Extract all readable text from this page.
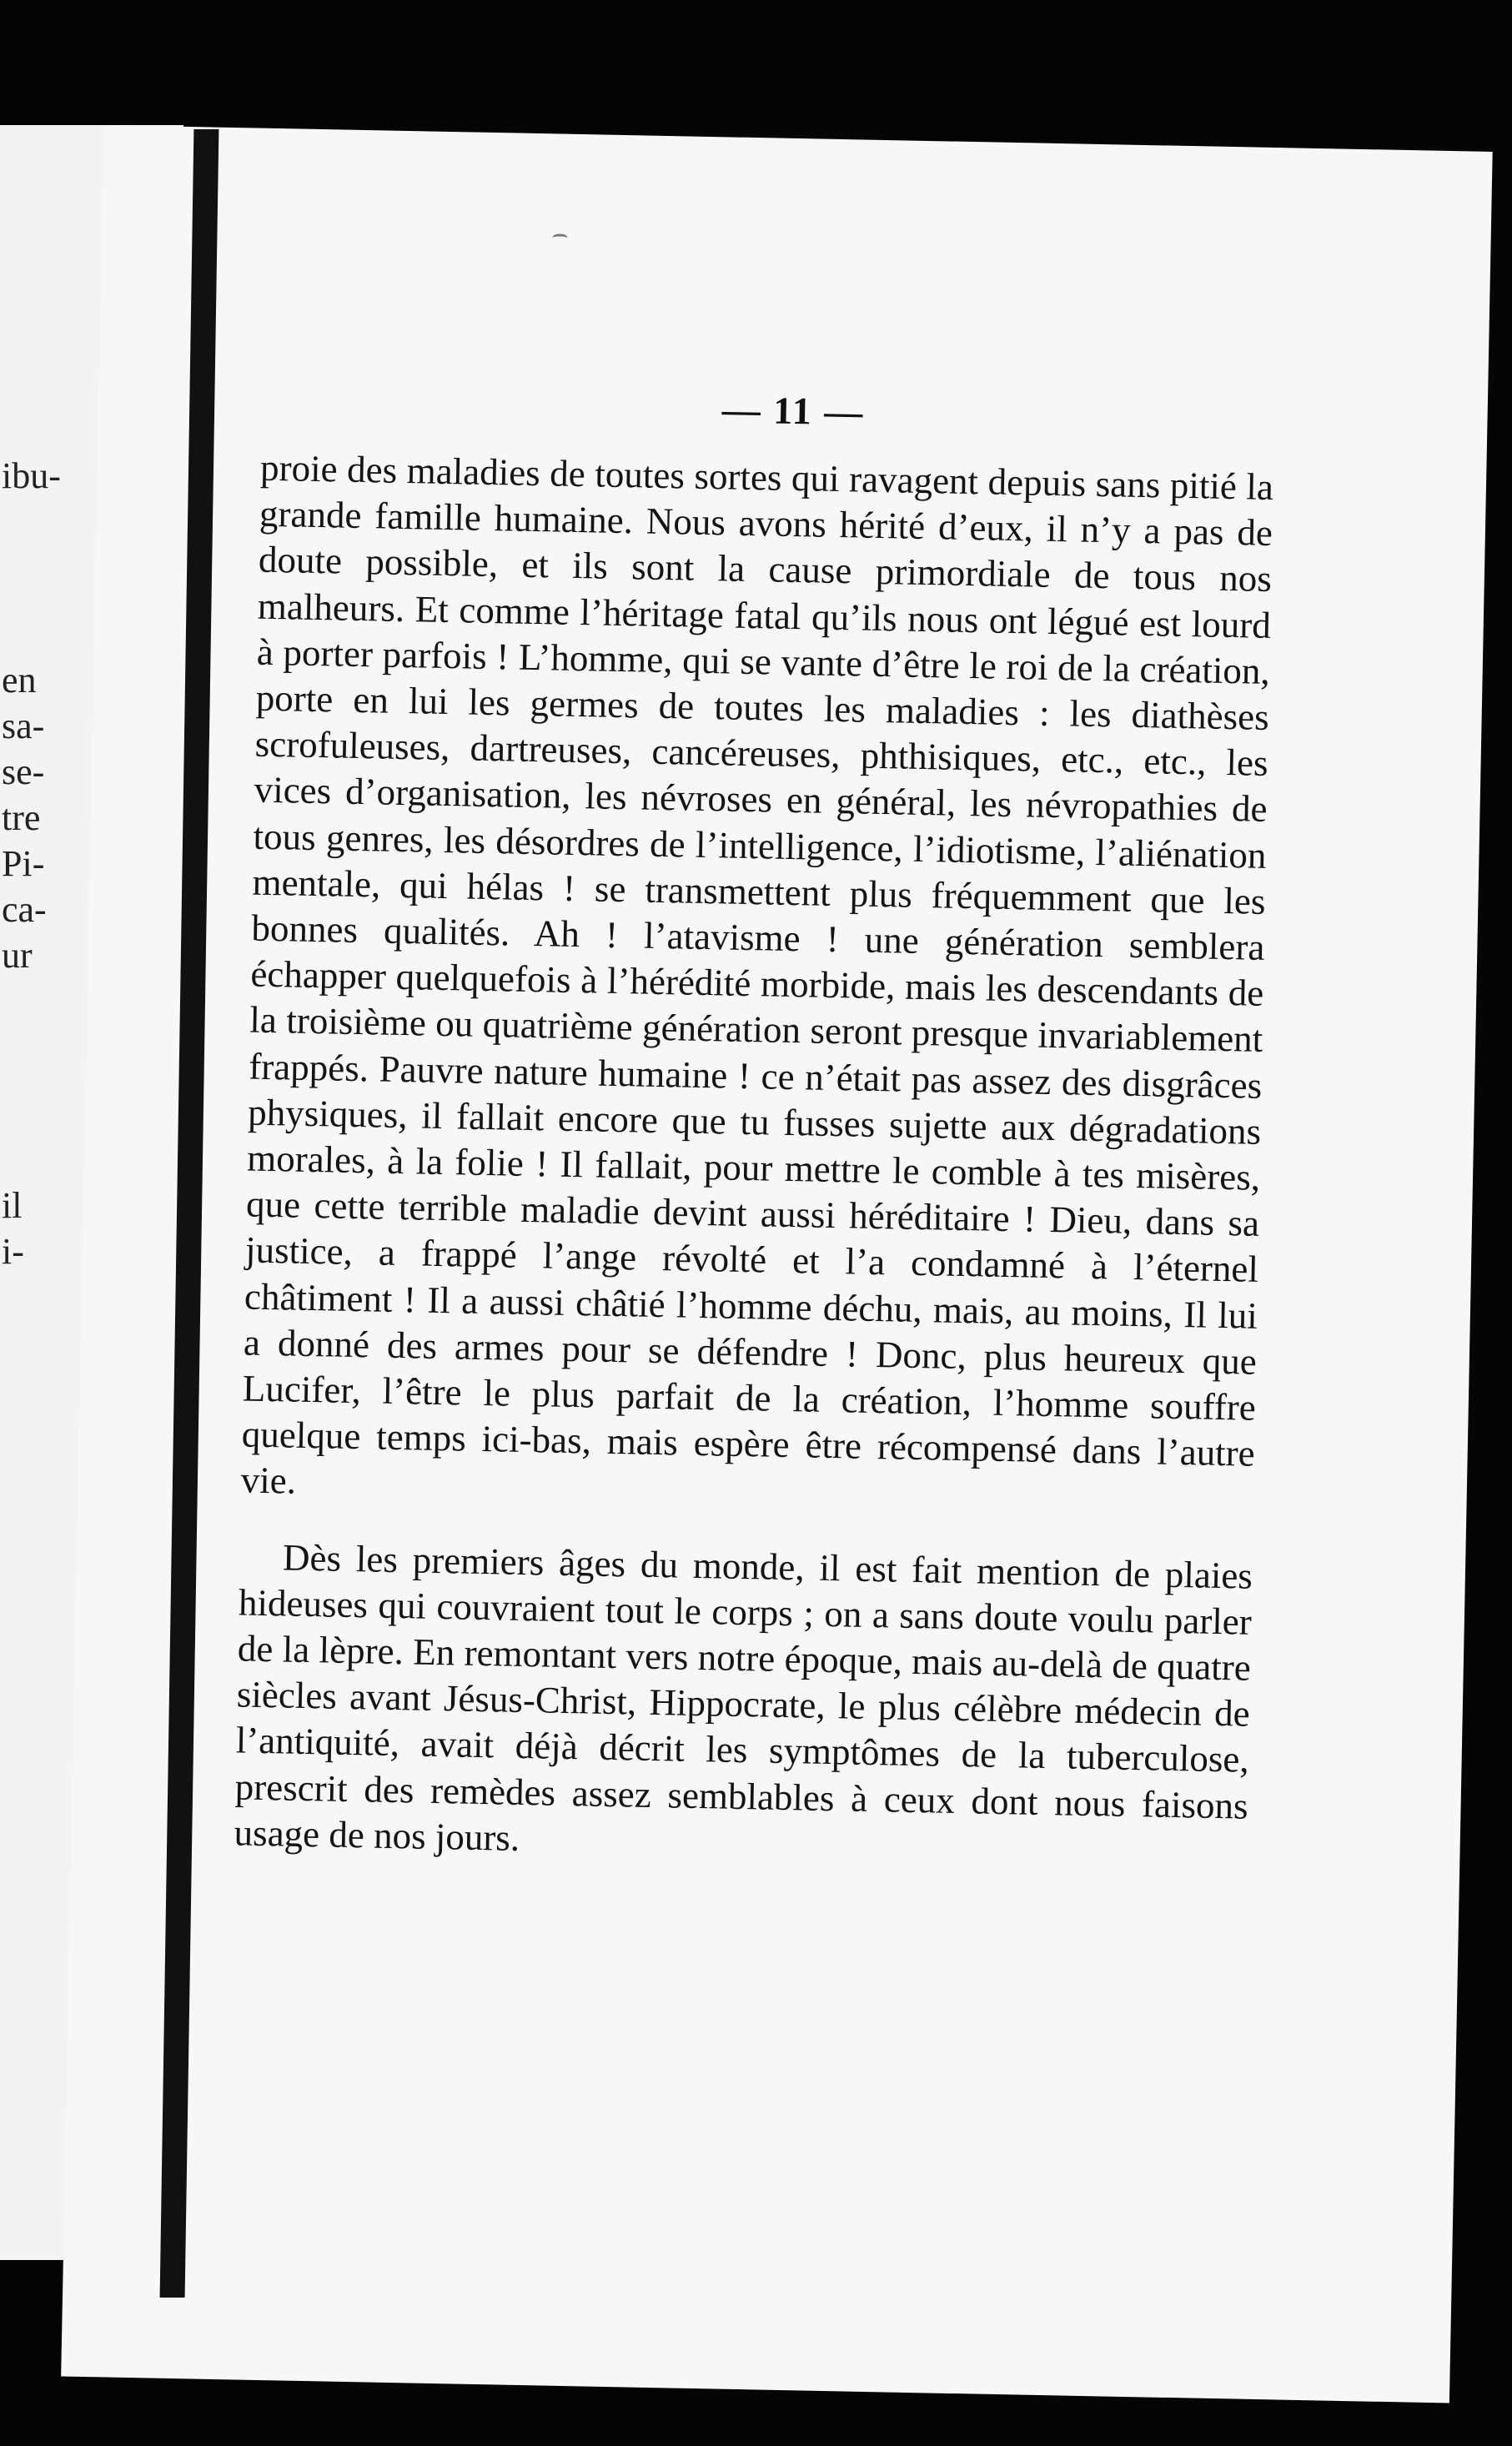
ibu-
en
sa-
se-
tre
Pi-
ca-
ur
il
i-
— 11 —

proie des maladies de toutes sortes qui ravagent depuis sans pitié la grande famille humaine. Nous avons hérité d’eux, il n’y a pas de doute possible, et ils sont la cause primordiale de tous nos malheurs. Et comme l’héritage fatal qu’ils nous ont légué est lourd à porter parfois ! L’homme, qui se vante d’être le roi de la création, porte en lui les germes de toutes les maladies : les diathèses scrofuleuses, dartreuses, cancéreuses, phthisiques, etc., etc., les vices d’organisation, les névroses en général, les névropathies de tous genres, les désordres de l’intelligence, l’idiotisme, l’aliénation mentale, qui hélas ! se transmettent plus fréquemment que les bonnes qualités. Ah ! l’atavisme ! une génération semblera échapper quelquefois à l’hérédité morbide, mais les descendants de la troisième ou quatrième génération seront presque invariablement frappés. Pauvre nature humaine ! ce n’était pas assez des disgrâces physiques, il fallait encore que tu fusses sujette aux dégradations morales, à la folie ! Il fallait, pour mettre le comble à tes misères, que cette terrible maladie devint aussi héréditaire ! Dieu, dans sa justice, a frappé l’ange révolté et l’a condamné à l’éternel châtiment ! Il a aussi châtié l’homme déchu, mais, au moins, Il lui a donné des armes pour se défendre ! Donc, plus heureux que Lucifer, l’être le plus parfait de la création, l’homme souffre quelque temps ici-bas, mais espère être récompensé dans l’autre vie.

Dès les premiers âges du monde, il est fait mention de plaies hideuses qui couvraient tout le corps ; on a sans doute voulu parler de la lèpre. En remontant vers notre époque, mais au-delà de quatre siècles avant Jésus-Christ, Hippocrate, le plus célèbre médecin de l’antiquité, avait déjà décrit les symptômes de la tuberculose, prescrit des remèdes assez semblables à ceux dont nous faisons usage de nos jours.
